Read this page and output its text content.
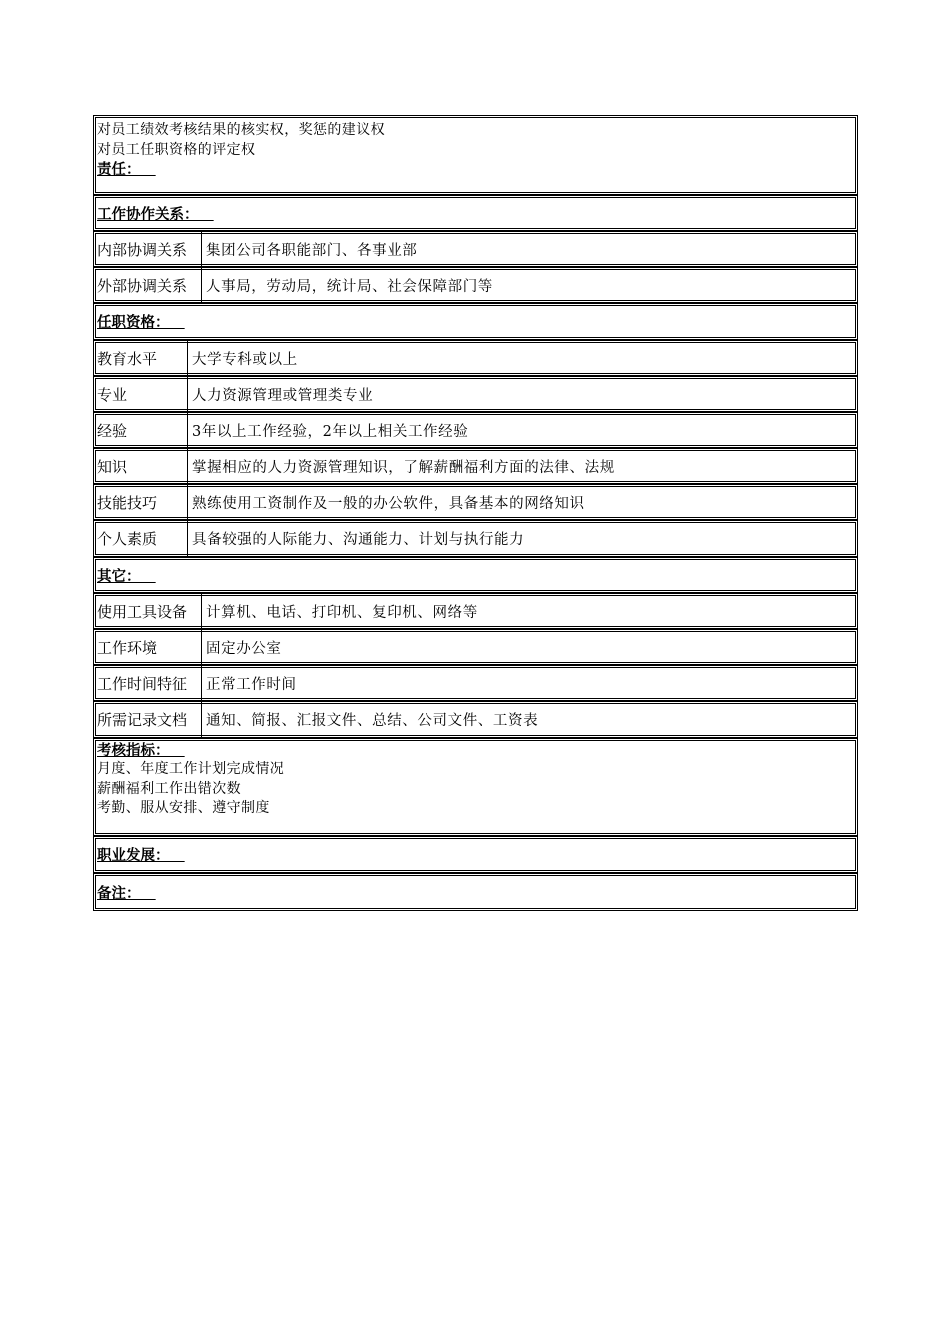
对员工绩效考核结果的核实权，奖惩的建议权
对员工任职资格的评定权
责任：
工作协作关系：
内部协调关系	集团公司各职能部门、各事业部
外部协调关系	人事局，劳动局，统计局、社会保障部门等
任职资格：
教育水平	大学专科或以上
专业	人力资源管理或管理类专业
经验	3年以上工作经验，2年以上相关工作经验
知识	掌握相应的人力资源管理知识，了解薪酬福利方面的法律、法规
技能技巧	熟练使用工资制作及一般的办公软件，具备基本的网络知识
个人素质	具备较强的人际能力、沟通能力、计划与执行能力
其它：
使用工具设备	计算机、电话、打印机、复印机、网络等
工作环境	固定办公室
工作时间特征	正常工作时间
所需记录文档	通知、简报、汇报文件、总结、公司文件、工资表
考核指标：
月度、年度工作计划完成情况
薪酬福利工作出错次数
考勤、服从安排、遵守制度
职业发展：
备注：
